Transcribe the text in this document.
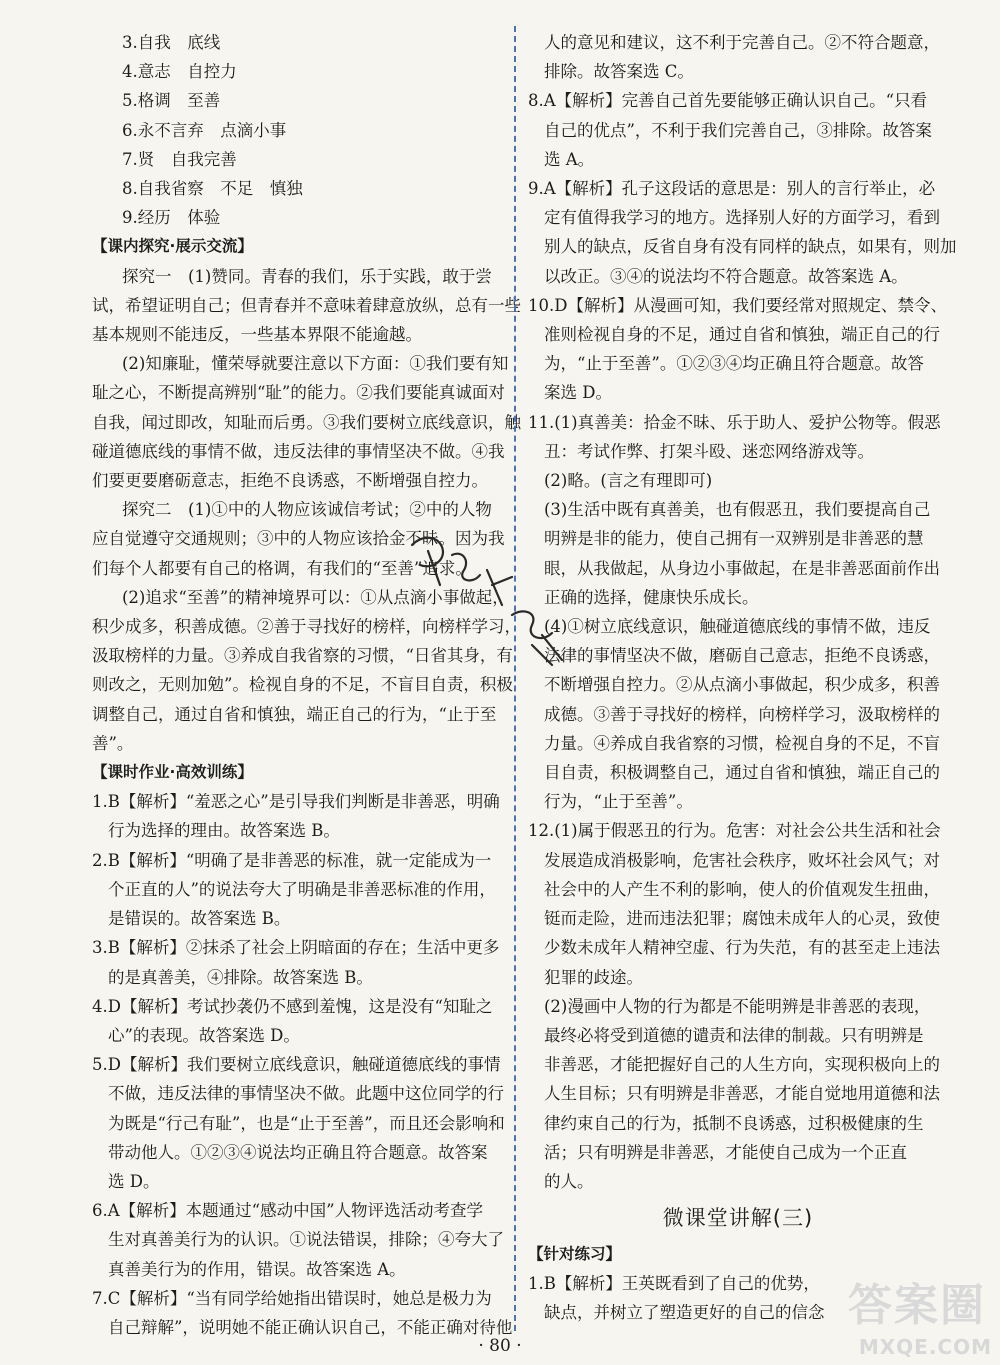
3.自我　底线
4.意志　自控力
5.格调　至善
6.永不言弃　点滴小事
7.贤　自我完善
8.自我省察　不足　慎独
9.经历　体验
【课内探究·展示交流】
探究一　(1)赞同。青春的我们，乐于实践，敢于尝
试，希望证明自己；但青春并不意味着肆意放纵，总有一些
基本规则不能违反，一些基本界限不能逾越。
(2)知廉耻，懂荣辱就要注意以下方面：①我们要有知
耻之心，不断提高辨别“耻”的能力。②我们要能真诚面对
自我，闻过即改，知耻而后勇。③我们要树立底线意识，触
碰道德底线的事情不做，违反法律的事情坚决不做。④我
们要更要磨砺意志，拒绝不良诱惑，不断增强自控力。
探究二　(1)①中的人物应该诚信考试；②中的人物
应自觉遵守交通规则；③中的人物应该拾金不昧。因为我
们每个人都要有自己的格调，有我们的“至善”追求。
(2)追求“至善”的精神境界可以：①从点滴小事做起，
积少成多，积善成德。②善于寻找好的榜样，向榜样学习，
汲取榜样的力量。③养成自我省察的习惯，“日省其身，有
则改之，无则加勉”。检视自身的不足，不盲目自责，积极
调整自己，通过自省和慎独，端正自己的行为，“止于至
善”。
【课时作业·高效训练】
1.B【解析】“羞恶之心”是引导我们判断是非善恶，明确
行为选择的理由。故答案选 B。
2.B【解析】“明确了是非善恶的标准，就一定能成为一
个正直的人”的说法夸大了明确是非善恶标准的作用，
是错误的。故答案选 B。
3.B【解析】②抹杀了社会上阴暗面的存在；生活中更多
的是真善美，④排除。故答案选 B。
4.D【解析】考试抄袭仍不感到羞愧，这是没有“知耻之
心”的表现。故答案选 D。
5.D【解析】我们要树立底线意识，触碰道德底线的事情
不做，违反法律的事情坚决不做。此题中这位同学的行
为既是“行己有耻”，也是“止于至善”，而且还会影响和
带动他人。①②③④说法均正确且符合题意。故答案
选 D。
6.A【解析】本题通过“感动中国”人物评选活动考查学
生对真善美行为的认识。①说法错误，排除；④夸大了
真善美行为的作用，错误。故答案选 A。
7.C【解析】“当有同学给她指出错误时，她总是极力为
自己辩解”，说明她不能正确认识自己，不能正确对待他
人的意见和建议，这不利于完善自己。②不符合题意，
排除。故答案选 C。
8.A【解析】完善自己首先要能够正确认识自己。“只看
自己的优点”，不利于我们完善自己，③排除。故答案
选 A。
9.A【解析】孔子这段话的意思是：别人的言行举止，必
定有值得我学习的地方。选择别人好的方面学习，看到
别人的缺点，反省自身有没有同样的缺点，如果有，则加
以改正。③④的说法均不符合题意。故答案选 A。
10.D【解析】从漫画可知，我们要经常对照规定、禁令、
准则检视自身的不足，通过自省和慎独，端正自己的行
为，“止于至善”。①②③④均正确且符合题意。故答
案选 D。
11.(1)真善美：拾金不昧、乐于助人、爱护公物等。假恶
丑：考试作弊、打架斗殴、迷恋网络游戏等。
(2)略。(言之有理即可)
(3)生活中既有真善美，也有假恶丑，我们要提高自己
明辨是非的能力，使自己拥有一双辨别是非善恶的慧
眼，从我做起，从身边小事做起，在是非善恶面前作出
正确的选择，健康快乐成长。
(4)①树立底线意识，触碰道德底线的事情不做，违反
法律的事情坚决不做，磨砺自己意志，拒绝不良诱惑，
不断增强自控力。②从点滴小事做起，积少成多，积善
成德。③善于寻找好的榜样，向榜样学习，汲取榜样的
力量。④养成自我省察的习惯，检视自身的不足，不盲
目自责，积极调整自己，通过自省和慎独，端正自己的
行为，“止于至善”。
12.(1)属于假恶丑的行为。危害：对社会公共生活和社会
发展造成消极影响，危害社会秩序，败坏社会风气；对
社会中的人产生不利的影响，使人的价值观发生扭曲，
铤而走险，进而违法犯罪；腐蚀未成年人的心灵，致使
少数未成年人精神空虚、行为失范，有的甚至走上违法
犯罪的歧途。
(2)漫画中人物的行为都是不能明辨是非善恶的表现，
最终必将受到道德的谴责和法律的制裁。只有明辨是
非善恶，才能把握好自己的人生方向，实现积极向上的
人生目标；只有明辨是非善恶，才能自觉地用道德和法
律约束自己的行为，抵制不良诱惑，过积极健康的生
活；只有明辨是非善恶，才能使自己成为一个正直
的人。
【针对练习】
1.B【解析】王英既看到了自己的优势，
缺点，并树立了塑造更好的自己的信念
微课堂讲解(三)
· 80 ·
答案圈
MXQE.COM
